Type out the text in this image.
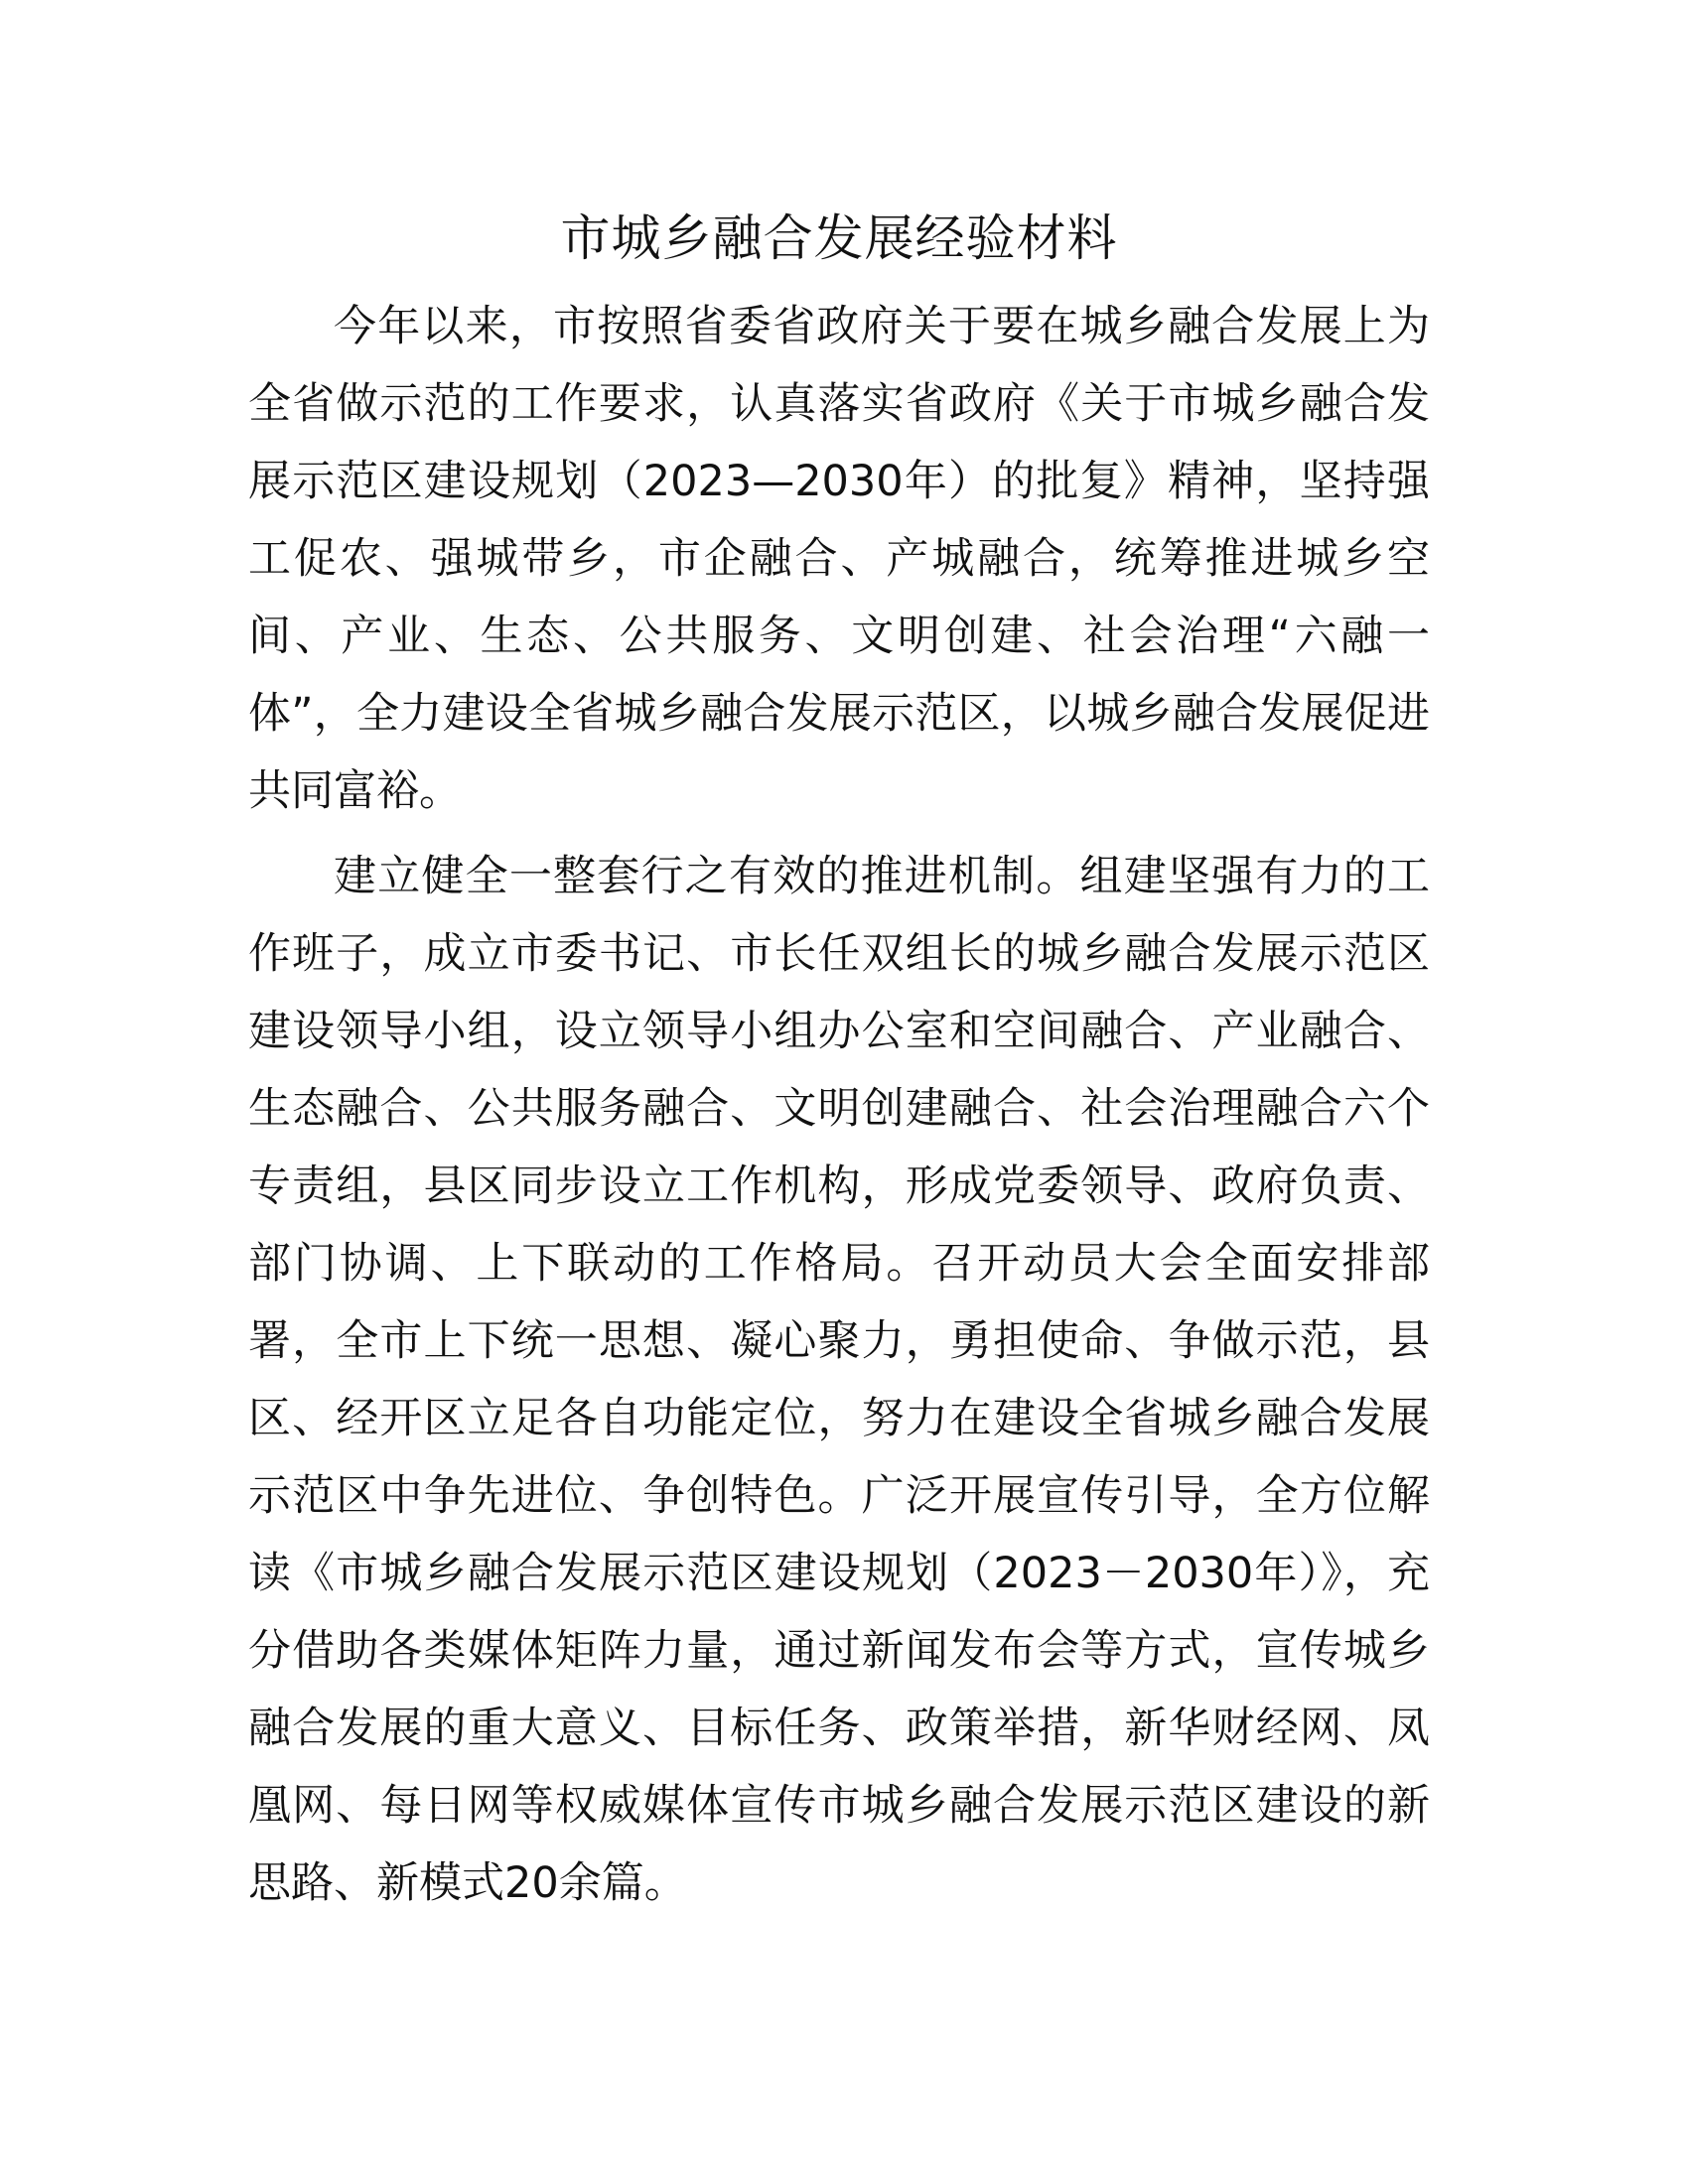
市城乡融合发展经验材料

今年以来，市按照省委省政府关于要在城乡融合发展上为全省做示范的工作要求，认真落实省政府《关于市城乡融合发展示范区建设规划（2023—2030年）的批复》精神，坚持强工促农、强城带乡，市企融合、产城融合，统筹推进城乡空间、产业、生态、公共服务、文明创建、社会治理“六融一体”，全力建设全省城乡融合发展示范区，以城乡融合发展促进共同富裕。

建立健全一整套行之有效的推进机制。组建坚强有力的工作班子，成立市委书记、市长任双组长的城乡融合发展示范区建设领导小组，设立领导小组办公室和空间融合、产业融合、生态融合、公共服务融合、文明创建融合、社会治理融合六个专责组，县区同步设立工作机构，形成党委领导、政府负责、部门协调、上下联动的工作格局。召开动员大会全面安排部署，全市上下统一思想、凝心聚力，勇担使命、争做示范，县区、经开区立足各自功能定位，努力在建设全省城乡融合发展示范区中争先进位、争创特色。广泛开展宣传引导，全方位解读《市城乡融合发展示范区建设规划（2023－2030年）》，充分借助各类媒体矩阵力量，通过新闻发布会等方式，宣传城乡融合发展的重大意义、目标任务、政策举措，新华财经网、凤凰网、每日网等权威媒体宣传市城乡融合发展示范区建设的新思路、新模式20余篇。
